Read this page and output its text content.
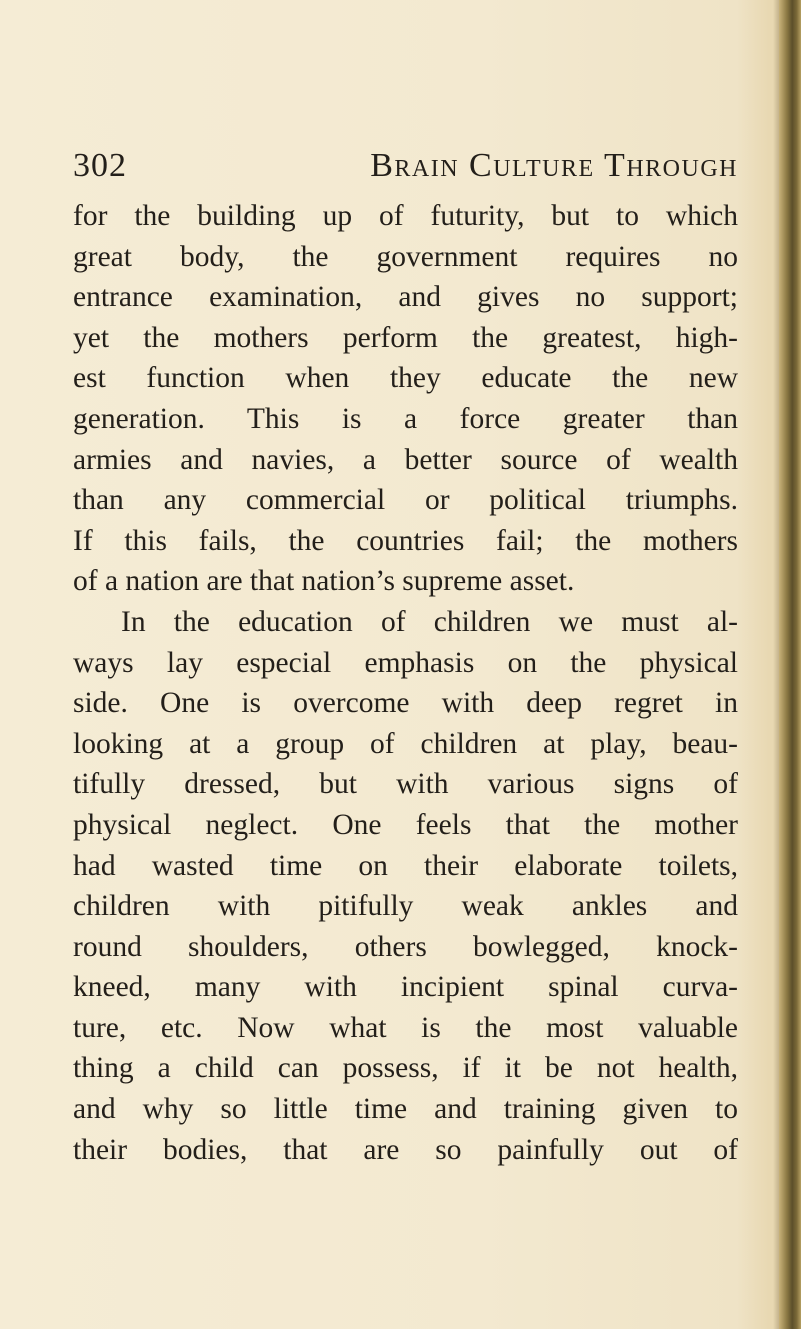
302	Brain Culture Through
for the building up of futurity, but to which
great body, the government requires no
entrance examination, and gives no support;
yet the mothers perform the greatest, high-
est function when they educate the new
generation. This is a force greater than
armies and navies, a better source of wealth
than any commercial or political triumphs.
If this fails, the countries fail; the mothers
of a nation are that nation’s supreme asset.
In the education of children we must al-
ways lay especial emphasis on the physical
side. One is overcome with deep regret in
looking at a group of children at play, beau-
tifully dressed, but with various signs of
physical neglect. One feels that the mother
had wasted time on their elaborate toilets,
children with pitifully weak ankles and
round shoulders, others bowlegged, knock-
kneed, many with incipient spinal curva-
ture, etc. Now what is the most valuable
thing a child can possess, if it be not health,
and why so little time and training given to
their bodies, that are so painfully out of
